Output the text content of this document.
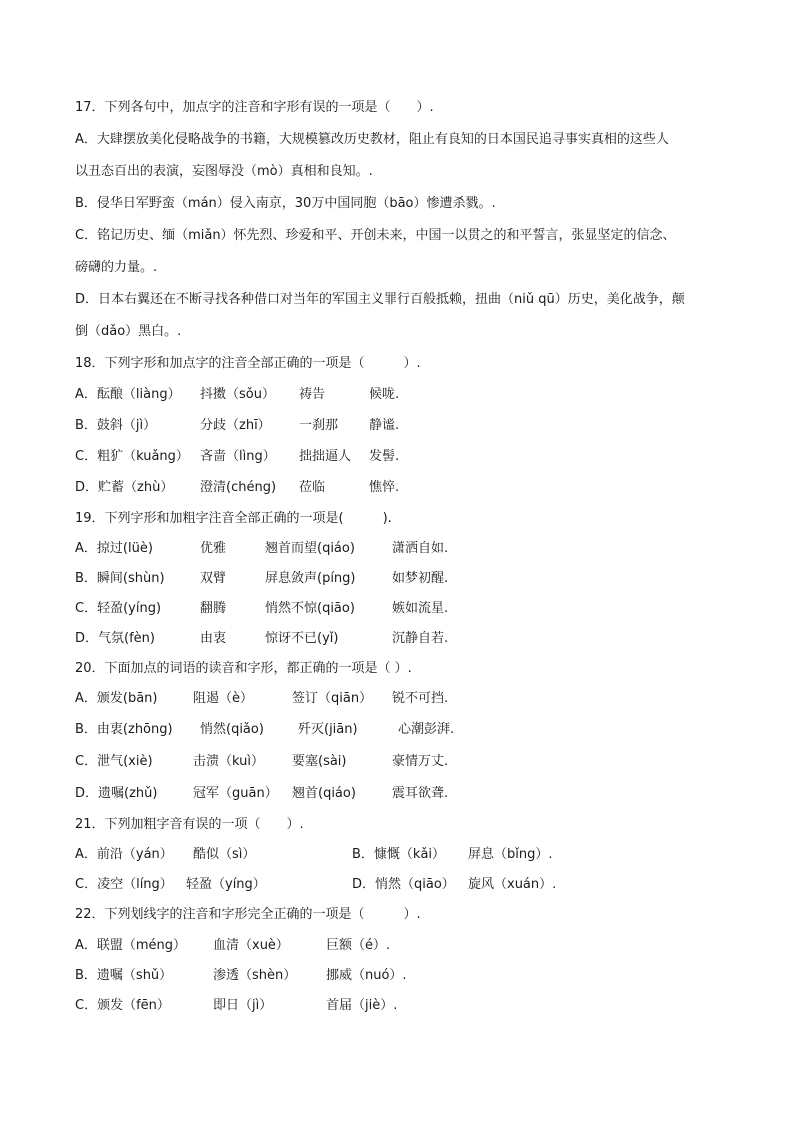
17．下列各句中，加点字的注音和字形有误的一项是（　　）.
A．大肆摆放美化侵略战争的书籍，大规模篡改历史教材，阻止有良知的日本国民追寻事实真相的这些人
以丑态百出的表演，妄图辱没（mò）真相和良知。.
B．侵华日军野蛮（mán）侵入南京，30万中国同胞（bāo）惨遭杀戮。.
C．铭记历史、缅（miǎn）怀先烈、珍爱和平、开创未来，中国一以贯之的和平誓言，张显坚定的信念、
磅礴的力量。.
D．日本右翼还在不断寻找各种借口对当年的军国主义罪行百般抵赖，扭曲（niǔ qū）历史，美化战争，颠
倒（dǎo）黑白。.
18．下列字形和加点字的注音全部正确的一项是（　　　）.
A．酝酿（liàng） 抖擞（sǒu） 祷告	候咙.
B．鼓斜（jì）	分歧（zhī） 一刹那 静谧.
C．粗犷（kuǎng） 吝啬（lìng） 拙拙逼人 发髻.
D．贮蓄（zhù） 澄清(chéng) 莅临	憔悴.
19．下列字形和加粗字注音全部正确的一项是(　　　).
A．掠过(lüè)	优雅	翘首而望(qiáo)	潇洒自如.
B．瞬间(shùn)	双臂	屏息敛声(píng)	如梦初醒.
C．轻盈(yíng)	翻腾	悄然不惊(qiāo)	嫉如流星.
D．气氛(fèn)	由衷	惊讶不已(yǐ)	沉静自若.
20．下面加点的词语的读音和字形，都正确的一项是（ ）.
A．颁发(bān)	阻遏（è）	签订（qiān） 锐不可挡.
B．由衷(zhōng) 悄然(qiǎo)	歼灭(jiān)	心潮彭湃.
C．泄气(xiè)	击溃（kuì） 要塞(sài)	豪情万丈.
D．遗嘱(zhǔ)	冠军（guān） 翘首(qiáo)	震耳欲聋.
21．下列加粗字音有误的一项（　　）.
A．前沿（yán） 酷似（sì）	B．慷慨（kǎi） 屏息（bǐng）.
C．凌空（líng） 轻盈（yíng）	D．悄然（qiāo） 旋风（xuán）.
22．下列划线字的注音和字形完全正确的一项是（　　　）.
A．联盟（méng） 血清（xuè）	巨额（é）.
B．遗嘱（shǔ）	渗透（shèn） 挪威（nuó）.
C．颁发（fēn）	即日（jì）	首届（jiè）.
